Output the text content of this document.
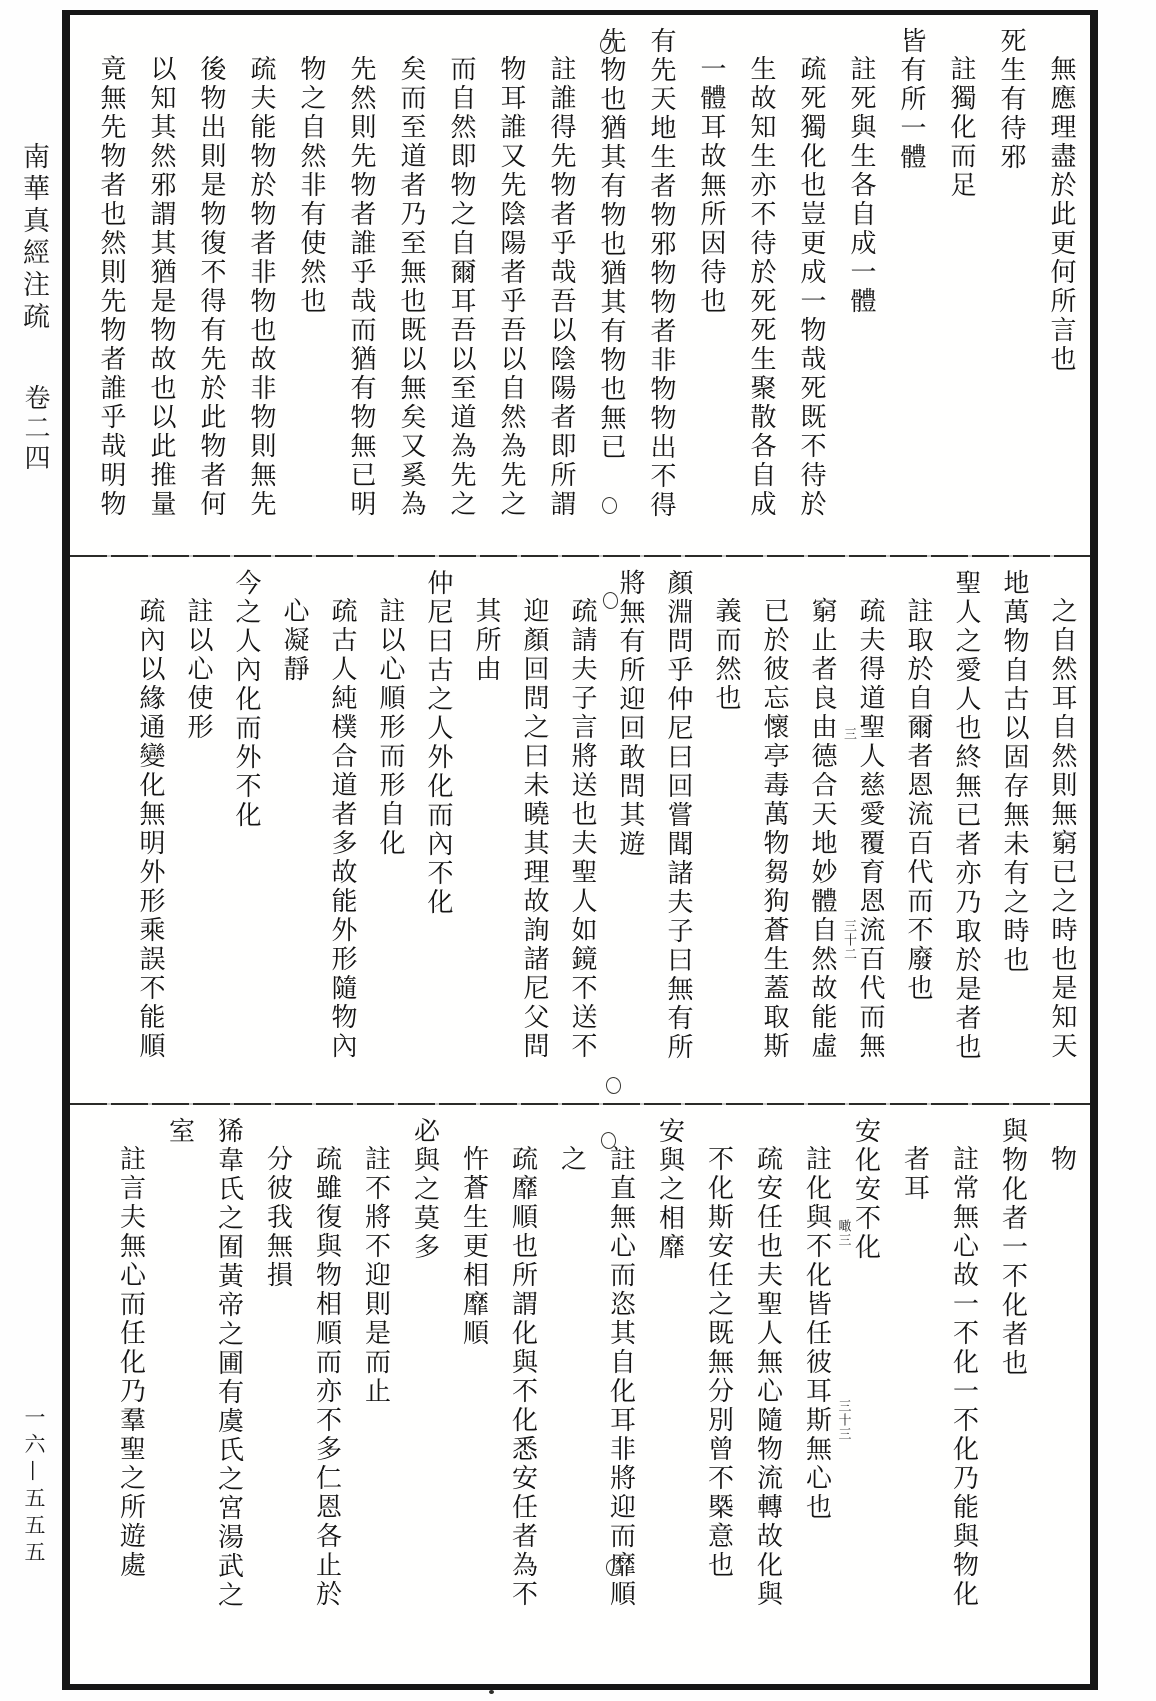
南華真經注疏
卷二四
一六—五五五
無應理盡於此更何所言也
死生有待邪
註獨化而足
皆有所一體
註死與生各自成一體
疏死獨化也豈更成一物哉死既不待於
生故知生亦不待於死死生聚散各自成
一體耳故無所因待也
有先天地生者物邪物物者非物物出不得
先物也猶其有物也猶其有物也無已
註誰得先物者乎哉吾以陰陽者即所謂
物耳誰又先陰陽者乎吾以自然為先之
而自然即物之自爾耳吾以至道為先之
矣而至道者乃至無也既以無矣又奚為
先然則先物者誰乎哉而猶有物無已明
物之自然非有使然也
疏夫能物於物者非物也故非物則無先
後物出則是物復不得有先於此物者何
以知其然邪謂其猶是物故也以此推量
竟無先物者也然則先物者誰乎哉明物
之自然耳自然則無窮已之時也是知天
地萬物自古以固存無未有之時也
聖人之愛人也終無已者亦乃取於是者也
註取於自爾者恩流百代而不廢也
疏夫得道聖人慈愛覆育恩流百代而無
窮止者良由德合天地妙體自然故能虛 三
三十二
已於彼忘懷亭毒萬物芻狗蒼生蓋取斯
義而然也
顏淵問乎仲尼曰回嘗聞諸夫子曰無有所
將無有所迎回敢問其遊
疏請夫子言將送也夫聖人如鏡不送不
迎顏回問之曰未曉其理故詢諸尼父問
其所由
仲尼曰古之人外化而內不化
註以心順形而形自化
疏古人純樸合道者多故能外形隨物內
心凝靜
今之人內化而外不化
註以心使形
疏內以緣通變化無明外形乘誤不能順
物
與物化者一不化者也
註常無心故一不化一不化乃能與物化
者耳
安化安不化
註化與不化皆任彼耳斯無心也 噉三
三十三
疏安任也夫聖人無心隨物流轉故化與
不化斯安任之既無分別曾不槩意也
安與之相靡
註直無心而恣其自化耳非將迎而靡順
之
疏靡順也所謂化與不化悉安任者為不
忤蒼生更相靡順
必與之莫多
註不將不迎則是而止
疏雖復與物相順而亦不多仁恩各止於
分彼我無損
狶韋氏之囿黃帝之圃有虞氏之宮湯武之
室
註言夫無心而任化乃羣聖之所遊處
